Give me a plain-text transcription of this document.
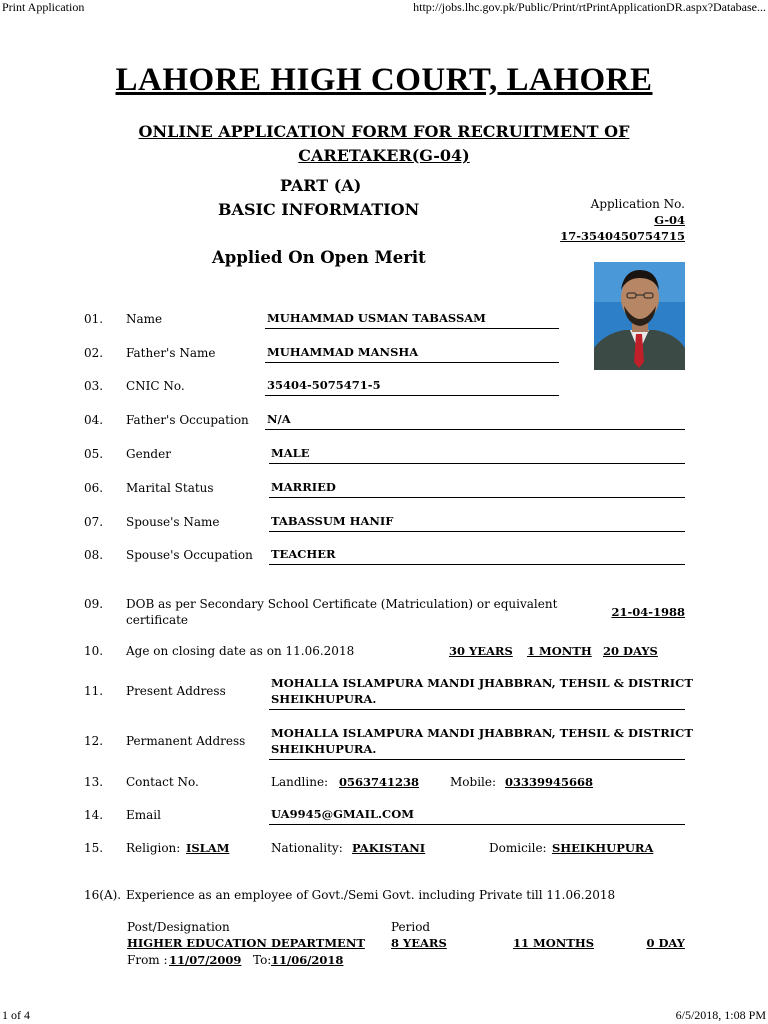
Print Application	http://jobs.lhc.gov.pk/Public/Print/rtPrintApplicationDR.aspx?Database...
1 of 4	6/5/2018, 1:08 PM
LAHORE HIGH COURT, LAHORE
ONLINE APPLICATION FORM FOR RECRUITMENT OF
CARETAKER(G-04)
PART (A)
BASIC INFORMATION
Applied On Open Merit
Application No.
G-04
17-3540450754715
01. Name	MUHAMMAD USMAN TABASSAM
02. Father's Name	MUHAMMAD MANSHA
03. CNIC No.	35404-5075471-5
04. Father's Occupation N/A
05. Gender	MALE
06. Marital Status	MARRIED
07. Spouse's Name	TABASSUM HANIF
08. Spouse's Occupation TEACHER
09. DOB as per Secondary School Certificate (Matriculation) or equivalent
certificate
21-04-1988
10. Age on closing date as on 11.06.2018	30 YEARS 1 MONTH 20 DAYS
11. Present Address
MOHALLA ISLAMPURA MANDI JHABBRAN, TEHSIL & DISTRICT
SHEIKHUPURA.
12. Permanent Address
MOHALLA ISLAMPURA MANDI JHABBRAN, TEHSIL & DISTRICT
SHEIKHUPURA.
13. Contact No.	Landline: 0563741238	Mobile: 03339945668
14. Email	UA9945@GMAIL.COM
15. Religion: ISLAM	Nationality: PAKISTANI	Domicile: SHEIKHUPURA
16(A). Experience as an employee of Govt./Semi Govt. including Private till 11.06.2018
Post/Designation	Period
HIGHER EDUCATION DEPARTMENT 8 YEARS	11 MONTHS	0 DAY
From : 11/07/2009 To: 11/06/2018
